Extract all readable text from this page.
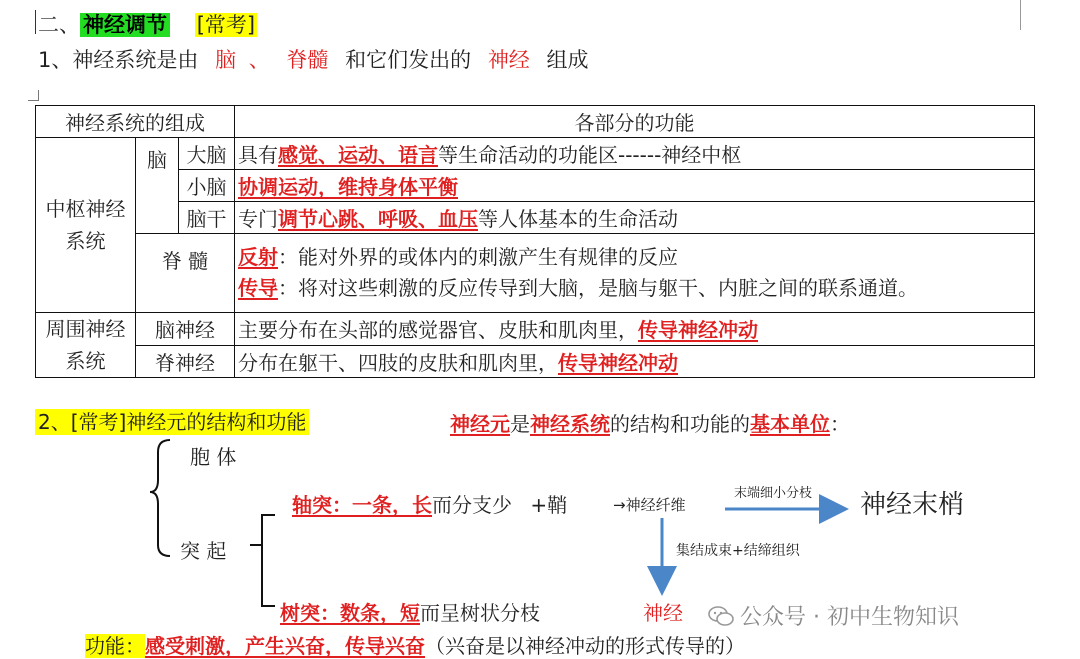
二、 神经调节 [常考]
1、神经系统是由 脑 、 脊髓 和它们发出的 神经 组成
神经系统的组成			各部分的功能
中枢神经系统	脑	大脑	具有感觉、运动、语言等生命活动的功能区------神经中枢
		小脑	协调运动，维持身体平衡
		脑干	专门调节心跳、呼吸、血压等人体基本的生命活动
	脊 髓		反射：能对外界的或体内的刺激产生有规律的反应
传导：将对这些刺激的反应传导到大脑，是脑与躯干、内脏之间的联系通道。

周围神经系统	脑神经		主要分布在头部的感觉器官、皮肤和肌肉里，传导神经冲动
	脊神经		分布在躯干、四肢的皮肤和肌肉里，传导神经冲动
2、[常考]神经元的结构和功能	神经元是神经系统的结构和功能的基本单位：
胞 体
突 起
轴突：一条，长而分支少 +鞘	→神经纤维
末端细小分枝 神经末梢
集结成束+结缔组织
树突：数条，短而呈树状分枝	神经	公众号 · 初中生物知识
功能：感受刺激，产生兴奋，传导兴奋（兴奋是以神经冲动的形式传导的）
